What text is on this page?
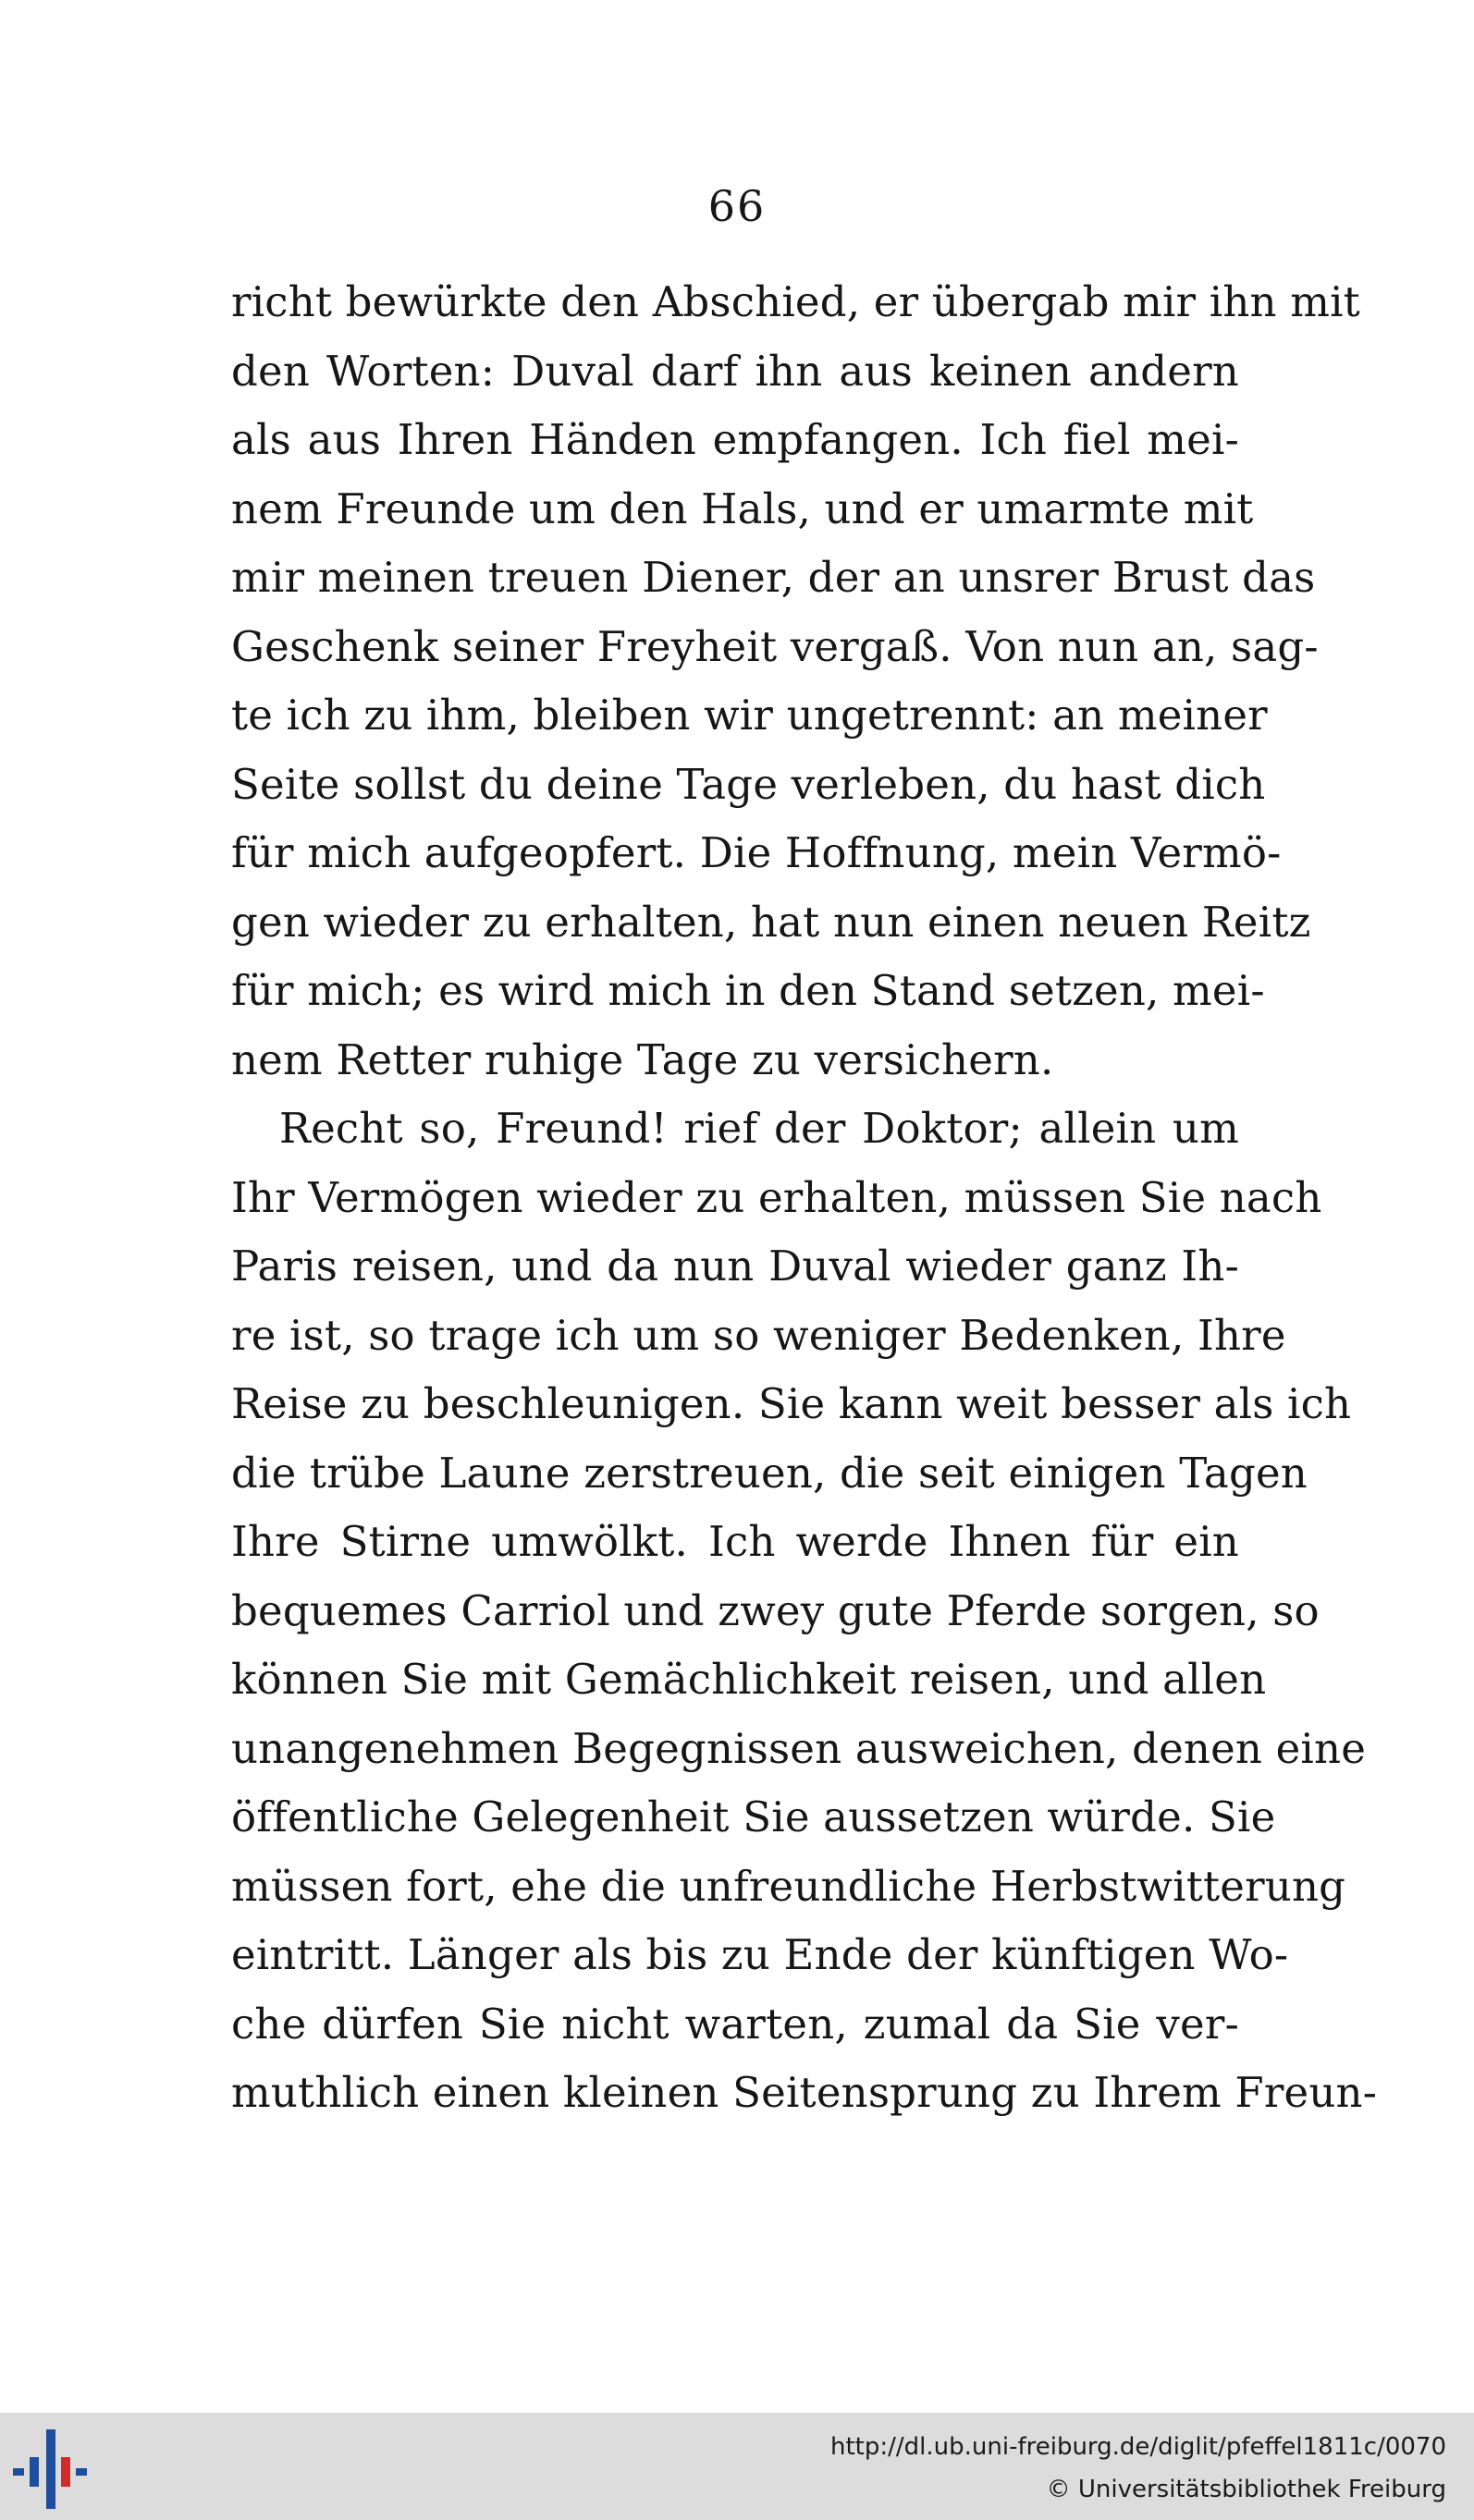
66
richt bewürkte den Abschied, er übergab mir ihn mit
den Worten: Duval darf ihn aus keinen andern
als aus Ihren Händen empfangen. Ich fiel mei-
nem Freunde um den Hals, und er umarmte mit
mir meinen treuen Diener, der an unsrer Brust das
Geschenk seiner Freyheit vergaß. Von nun an, sag-
te ich zu ihm, bleiben wir ungetrennt: an meiner
Seite sollst du deine Tage verleben, du hast dich
für mich aufgeopfert. Die Hoffnung, mein Vermö-
gen wieder zu erhalten, hat nun einen neuen Reitz
für mich; es wird mich in den Stand setzen, mei-
nem Retter ruhige Tage zu versichern.
Recht so, Freund! rief der Doktor; allein um
Ihr Vermögen wieder zu erhalten, müssen Sie nach
Paris reisen, und da nun Duval wieder ganz Ih-
re ist, so trage ich um so weniger Bedenken, Ihre
Reise zu beschleunigen. Sie kann weit besser als ich
die trübe Laune zerstreuen, die seit einigen Tagen
Ihre Stirne umwölkt. Ich werde Ihnen für ein
bequemes Carriol und zwey gute Pferde sorgen, so
können Sie mit Gemächlichkeit reisen, und allen
unangenehmen Begegnissen ausweichen, denen eine
öffentliche Gelegenheit Sie aussetzen würde. Sie
müssen fort, ehe die unfreundliche Herbstwitterung
eintritt. Länger als bis zu Ende der künftigen Wo-
che dürfen Sie nicht warten, zumal da Sie ver-
muthlich einen kleinen Seitensprung zu Ihrem Freun-
http://dl.ub.uni-freiburg.de/diglit/pfeffel1811c/0070
© Universitätsbibliothek Freiburg
